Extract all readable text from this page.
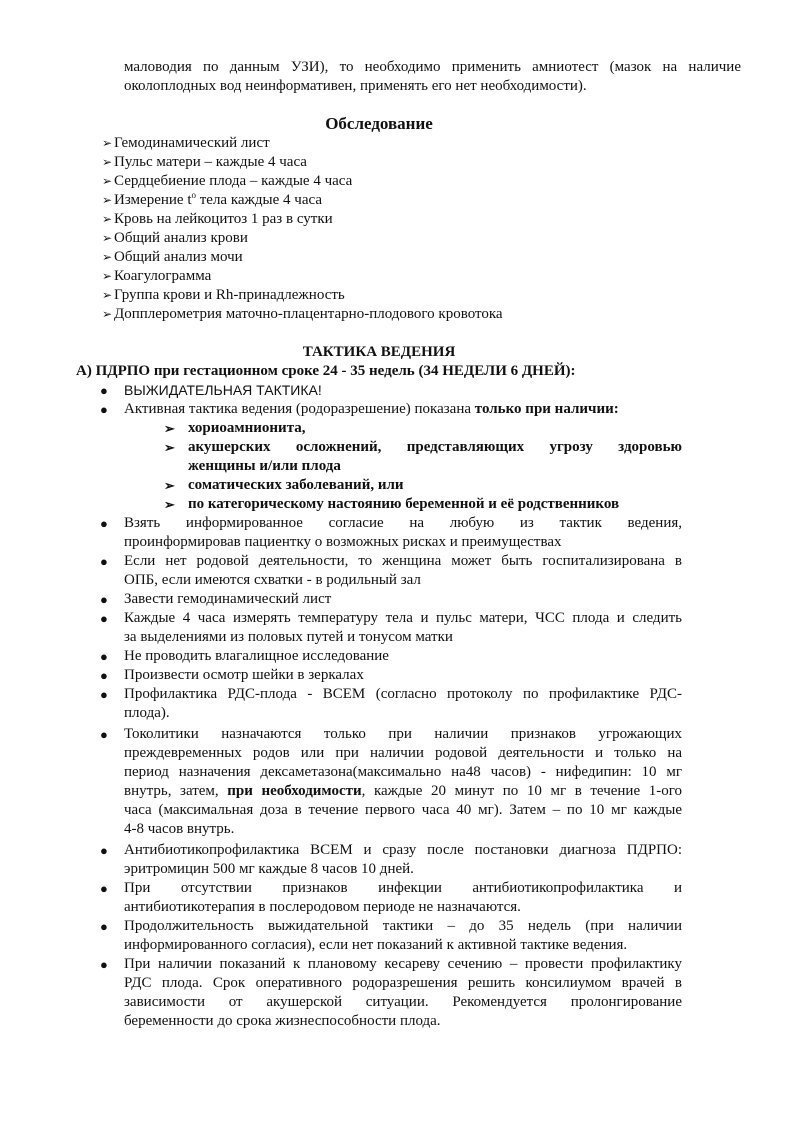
маловодия по данным УЗИ), то необходимо применить амниотест (мазок на наличие
околоплодных вод неинформативен, применять его нет необходимости).
Обследование
➢ Гемодинамический лист
➢ Пульс матери – каждые 4 часа
➢ Сердцебиение плода – каждые 4 часа
➢ Измерение $t^o$ тела каждые 4 часа
➢ Кровь на лейкоцитоз 1 раз в сутки
➢ Общий анализ крови
➢ Общий анализ мочи
➢ Коагулограмма
➢ Группа крови и Rh-принадлежность
➢ Допплерометрия маточно-плацентарно-плодового кровотока
ТАКТИКА ВЕДЕНИЯ
А) ПДРПО при гестационном сроке 24 - 35 недель (34 НЕДЕЛИ 6 ДНЕЙ):
● ВЫЖИДАТЕЛЬНАЯ ТАКТИКА!
● Активная тактика ведения (родоразрешение) показана только при наличии:
➢ хориоамнионита,
➢ акушерских осложнений, представляющих угрозу здоровью
женщины и/или плода
➢ соматических заболеваний, или
➢ по категорическому настоянию беременной и её родственников
● Взять информированное согласие на любую из тактик ведения,
проинформировав пациентку о возможных рисках и преимуществах
● Если нет родовой деятельности, то женщина может быть госпитализирована в
ОПБ, если имеются схватки - в родильный зал
● Завести гемодинамический лист
● Каждые 4 часа измерять температуру тела и пульс матери, ЧСС плода и следить
за выделениями из половых путей и тонусом матки
● Не проводить влагалищное исследование
● Произвести осмотр шейки в зеркалах
● Профилактика РДС-плода - ВСЕМ (согласно протоколу по профилактике РДС-
плода).
● Токолитики назначаются только при наличии признаков угрожающих
преждевременных родов или при наличии родовой деятельности и только на
период назначения дексаметазона(максимально на48 часов) - нифедипин: 10 мг
внутрь, затем, при необходимости, каждые 20 минут по 10 мг в течение 1-ого
часа (максимальная доза в течение первого часа 40 мг). Затем – по 10 мг каждые
4-8 часов внутрь.
● Антибиотикопрофилактика ВСЕМ и сразу после постановки диагноза ПДРПО:
эритромицин 500 мг каждые 8 часов 10 дней.
● При отсутствии признаков инфекции антибиотикопрофилактика и
антибиотикотерапия в послеродовом периоде не назначаются.
● Продолжительность выжидательной тактики – до 35 недель (при наличии
информированного согласия), если нет показаний к активной тактике ведения.
● При наличии показаний к плановому кесареву сечению – провести профилактику
РДС плода. Срок оперативного родоразрешения решить консилиумом врачей в
зависимости от акушерской ситуации. Рекомендуется пролонгирование
беременности до срока жизнеспособности плода.
